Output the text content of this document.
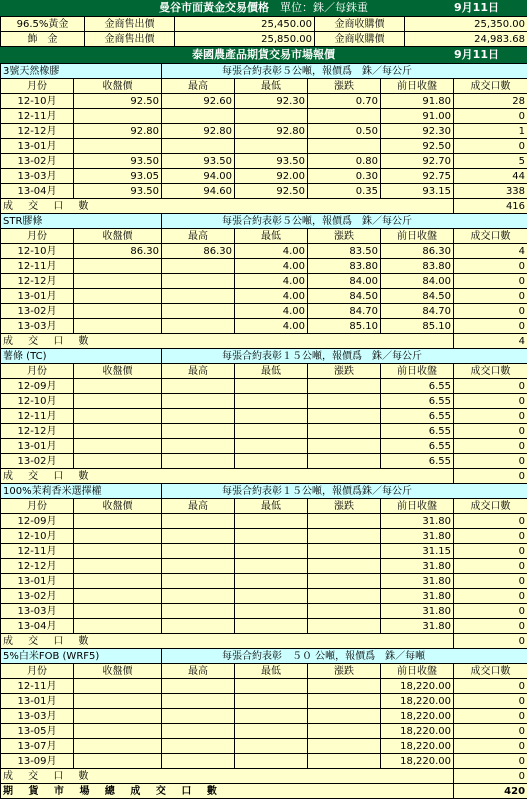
曼谷市面黃金交易價格　 單位：銖／每銖重	9月11日
96.5%黃金	金商售出價	25,450.00	金商收購價	25,350.00
飾　金	金商售出價	25,850.00	金商收購價	24,983.68
泰國農產品期貨交易市場報價	9月11日
3號天然橡膠		每張合約表彰５公噸，報價爲　銖／每公斤				
月份	收盤價	最高	最低	漲跌	前日收盤	成交口數
12-10月	92.50	92.60	92.30	0.70	91.80	28
12-11月					91.00	0
12-12月	92.80	92.80	92.80	0.50	92.30	1
13-01月					92.50	0
13-02月	93.50	93.50	93.50	0.80	92.70	5
13-03月	93.05	94.00	92.00	0.30	92.75	44
13-04月	93.50	94.60	92.50	0.35	93.15	338
成 交 口 數						416
STR膠條		每張合約表彰５公噸，報價爲　銖／每公斤				
月份	收盤價	最高	最低	漲跌	前日收盤	成交口數
12-10月	86.30	86.30	4.00	83.50	86.30	4
12-11月			4.00	83.80	83.80	0
12-12月			4.00	84.00	84.00	0
13-01月			4.00	84.50	84.50	0
13-02月			4.00	84.70	84.70	0
13-03月			4.00	85.10	85.10	0
成 交 口 數						4
薯條 (TC)		每張合約表彰１５公噸，報價爲　銖／每公斤				
月份	收盤價	最高	最低	漲跌	前日收盤	成交口數
12-09月					6.55	0
12-10月					6.55	0
12-11月					6.55	0
12-12月					6.55	0
13-01月					6.55	0
13-02月					6.55	0
成 交 口 數						0
100%茉莉香米選擇權		每張合約表彰１５公噸，報價爲銖／每公斤				
月份	收盤價	最高	最低	漲跌	前日收盤	成交口數
12-09月					31.80	0
12-10月					31.80	0
12-11月					31.15	0
12-12月					31.80	0
13-01月					31.80	0
13-02月					31.80	0
13-03月					31.80	0
13-04月					31.80	0
成 交 口 數						0
5%白米FOB (WRF5)		每張合約表彰　５０ 公噸，報價爲　銖／每噸				
月份	收盤價	最高	最低	漲跌	前日收盤	成交口數
12-11月					18,220.00	0
13-01月					18,220.00	0
13-03月					18,220.00	0
13-05月					18,220.00	0
13-07月					18,220.00	0
13-09月					18,220.00	0
成 交 口 數						0
期 貨 市 場 總 成 交 口 數						420
